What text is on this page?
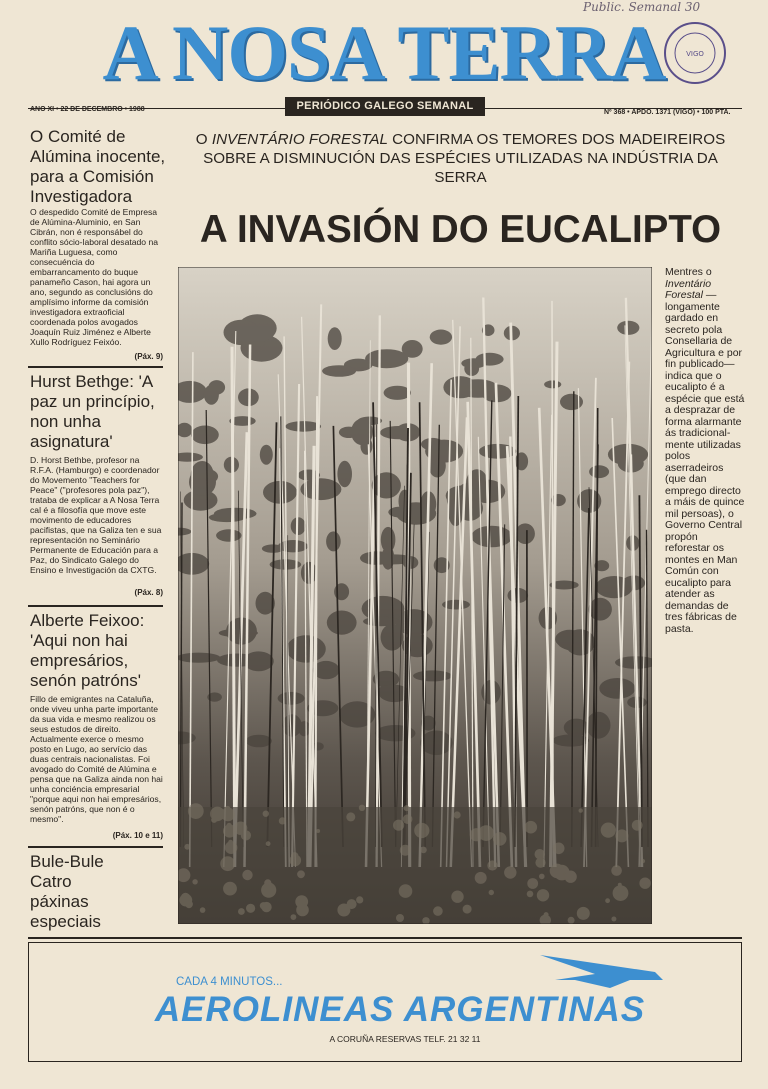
Public. Semanal 30
A NOSA TERRA	VIGO
ANO XI • 22 DE DECEMBRO • 1988	PERIÓDICO GALEGO SEMANAL
Nº 368 • APDO. 1371 (VIGO) • 100 PTA.
O Comité de Alúmina inocente, para a Comisión Investigadora
O despedido Comité de Empresa de Alúmina-Aluminio, en San Cibrán, non é responsábel do conflito sócio-laboral desatado na Mariña Luguesa, como consecuéncia do embarrancamento do buque panameño Cason, hai agora un ano, segundo as conclusións do amplísimo informe da comisión investigadora extraoficial coordenada polos avogados Joaquín Ruiz Jiménez e Alberte Xullo Rodríguez Feixóo.
(Páx. 9)
Hurst Bethge: 'A paz un princípio, non unha asignatura'
D. Horst Bethbe, profesor na R.F.A. (Hamburgo) e coordenador do Movemento "Teachers for Peace" ("profesores pola paz"), trataba de explicar a A Nosa Terra cal é a filosofía que move este movimento de educadores pacifistas, que na Galiza ten e sua representación no Seminário Permanente de Educación para a Paz, do Sindicato Galego do Ensino e Investigación da CXTG.
(Páx. 8)
Alberte Feixoo: 'Aqui non hai empresários, senón patróns'
Fillo de emigrantes na Cataluña, onde viveu unha parte importante da sua vida e mesmo realizou os seus estudos de direito. Actualmente exerce o mesmo posto en Lugo, ao servício das duas centrais nacionalistas. Foi avogado do Comité de Alúmina e pensa que na Galiza ainda non hai unha conciéncia empresarial "porque aqui non hai empresários, senón patróns, que non é o mesmo".
(Páx. 10 e 11)
Bule-Bule
Catro
páxinas
especiais
O INVENTÁRIO FORESTAL CONFIRMA OS TEMORES DOS MADEIREIROS SOBRE A DISMINUCIÓN DAS ESPÉCIES UTILIZADAS NA INDÚSTRIA DA SERRA
A INVASIÓN DO EUCALIPTO
Mentres o Inventário Forestal — longamente gardado en secreto pola Consellaria de Agricultura e por fin publicado— indica que o eucalipto é a espécie que está a desprazar de forma alarmante ás tradicional-mente utilizadas polos aserradeiros (que dan emprego directo a máis de quince mil persoas), o Governo Central propón reforestar os montes en Man Común con eucalipto para atender as demandas de tres fábricas de pasta.
CADA 4 MINUTOS...
AEROLINEAS ARGENTINAS
A CORUÑA RESERVAS TELF. 21 32 11
